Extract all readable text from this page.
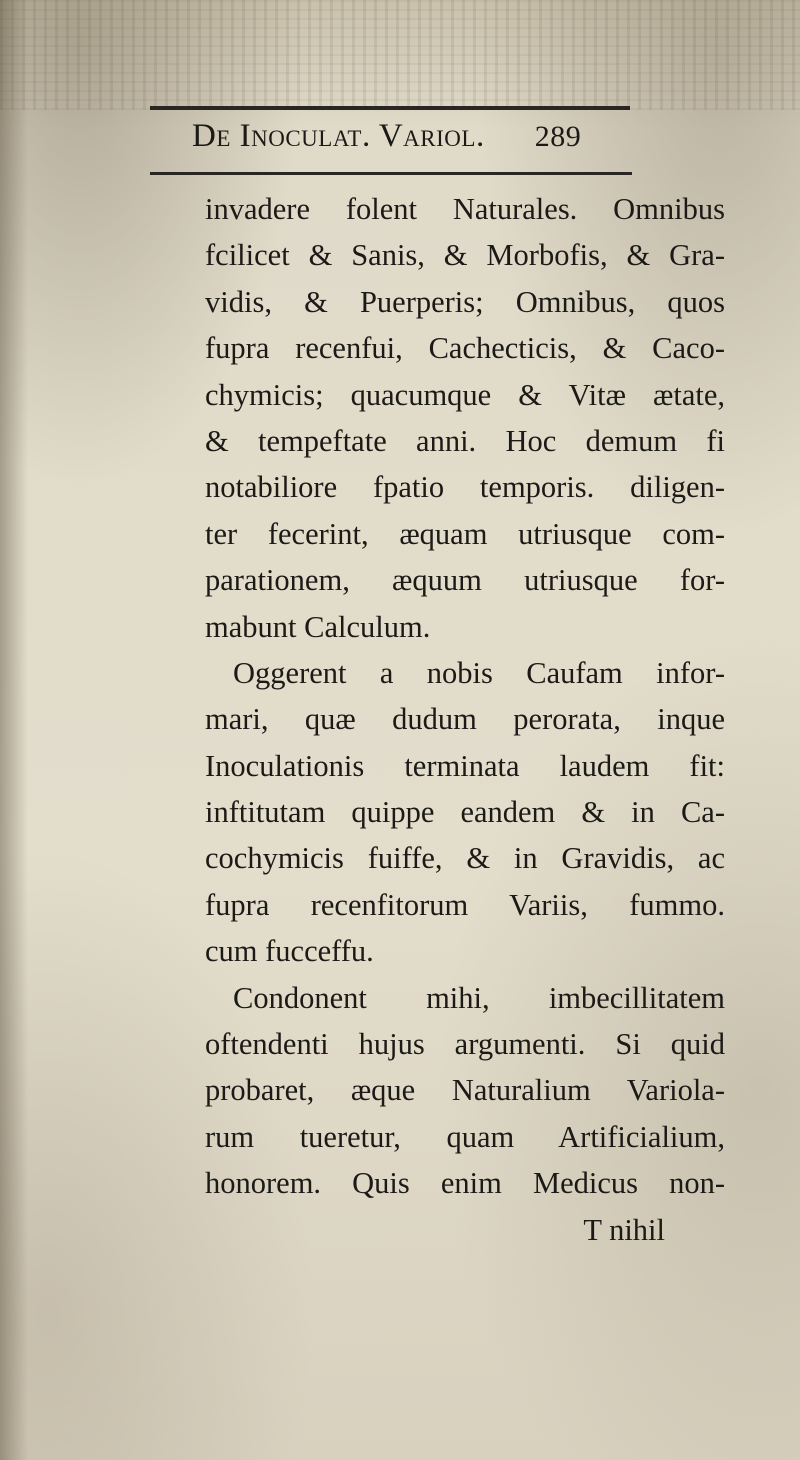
De Inoculat. Variol. 289
invadere folent Naturales. Omnibus
fcilicet & Sanis, & Morbofis, & Gra-
vidis, & Puerperis; Omnibus, quos
fupra recenfui, Cachecticis, & Caco-
chymicis; quacumque & Vitæ ætate,
& tempeftate anni. Hoc demum fi
notabiliore fpatio temporis. diligen-
ter fecerint, æquam utriusque com-
parationem, æquum utriusque for-
mabunt Calculum.
Oggerent a nobis Caufam infor-
mari, quæ dudum perorata, inque
Inoculationis terminata laudem fit:
inftitutam quippe eandem & in Ca-
cochymicis fuiffe, & in Gravidis, ac
fupra recenfitorum Variis, fummo.
cum fucceffu.
Condonent mihi, imbecillitatem
oftendenti hujus argumenti. Si quid
probaret, æque Naturalium Variola-
rum tueretur, quam Artificialium,
honorem. Quis enim Medicus non-
T nihil
